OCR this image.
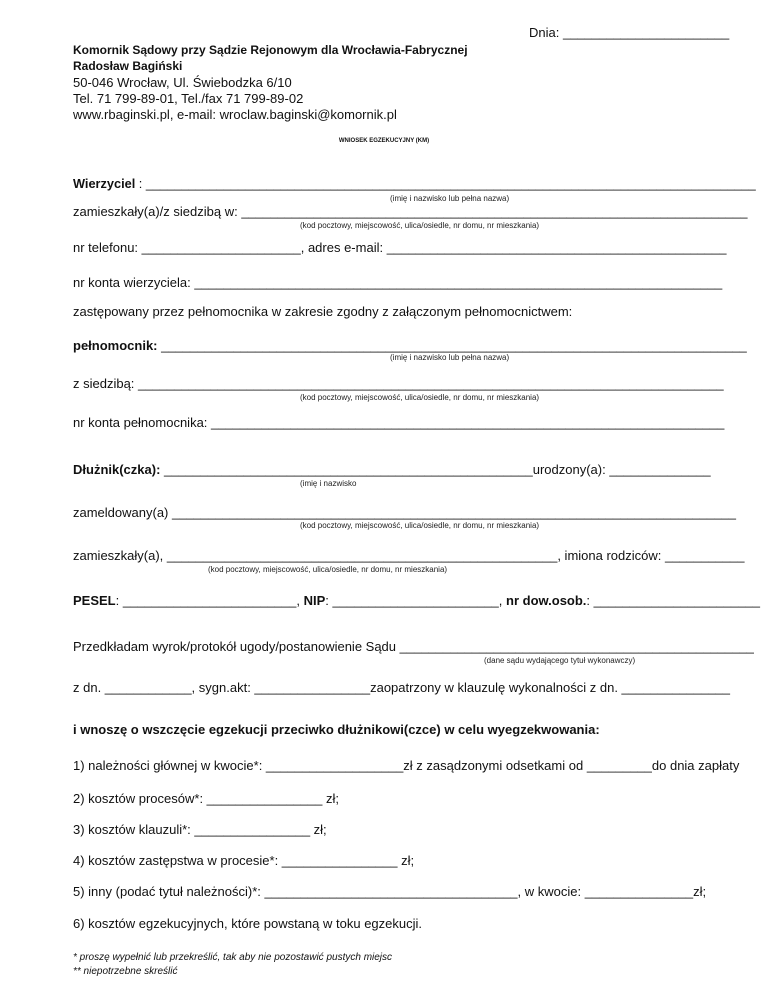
Dnia: _______________________
Komornik Sądowy przy Sądzie Rejonowym dla Wrocławia-Fabrycznej
Radosław Bagiński
50-046 Wrocław, Ul. Świebodzka 6/10
Tel. 71 799-89-01, Tel./fax 71 799-89-02
www.rbaginski.pl, e-mail: wroclaw.baginski@komornik.pl
WNIOSEK EGZEKUCYJNY (KM)
Wierzyciel : ______________________________________________________________________________________
(imię i nazwisko lub pełna nazwa)
zamieszkały(a)/z siedzibą w: ______________________________________________________________________
(kod pocztowy, miejscowość, ulica/osiedle, nr domu, nr mieszkania)
nr telefonu: ______________________, adres e-mail: _______________________________________________
nr konta wierzyciela: _________________________________________________________________________
zastępowany przez pełnomocnika w zakresie zgodny z załączonym pełnomocnictwem:
pełnomocnik: _________________________________________________________________________________
(imię i nazwisko lub pełna nazwa)
z siedzibą: _________________________________________________________________________________
(kod pocztowy, miejscowość, ulica/osiedle, nr domu, nr mieszkania)
nr konta pełnomocnika: _______________________________________________________________________
Dłużnik(czka): ___________________________________________________urodzony(a): ______________
(imię i nazwisko
zameldowany(a) ______________________________________________________________________________
(kod pocztowy, miejscowość, ulica/osiedle, nr domu, nr mieszkania)
zamieszkały(a), ______________________________________________________, imiona rodziców: ___________
(kod pocztowy, miejscowość, ulica/osiedle, nr domu, nr mieszkania)
PESEL: ________________________, NIP: _______________________, nr dow.osob.: _______________________
Przedkładam wyrok/protokół ugody/postanowienie Sądu _________________________________________________
(dane sądu wydającego tytuł wykonawczy)
z dn. ____________, sygn.akt: ________________zaopatrzony w klauzulę wykonalności z dn. _______________
i wnoszę o wszczęcie egzekucji przeciwko dłużnikowi(czce) w celu wyegzekwowania:
1) należności głównej w kwocie*: ___________________zł z zasądzonymi odsetkami od _________do dnia zapłaty
2) kosztów procesów*: ________________ zł;
3) kosztów klauzuli*: ________________ zł;
4) kosztów zastępstwa w procesie*: ________________ zł;
5) inny (podać tytuł należności)*: ___________________________________, w kwocie: _______________zł;
6) kosztów egzekucyjnych, które powstaną w toku egzekucji.
* proszę wypełnić lub przekreślić, tak aby nie pozostawić pustych miejsc
** niepotrzebne skreślić
